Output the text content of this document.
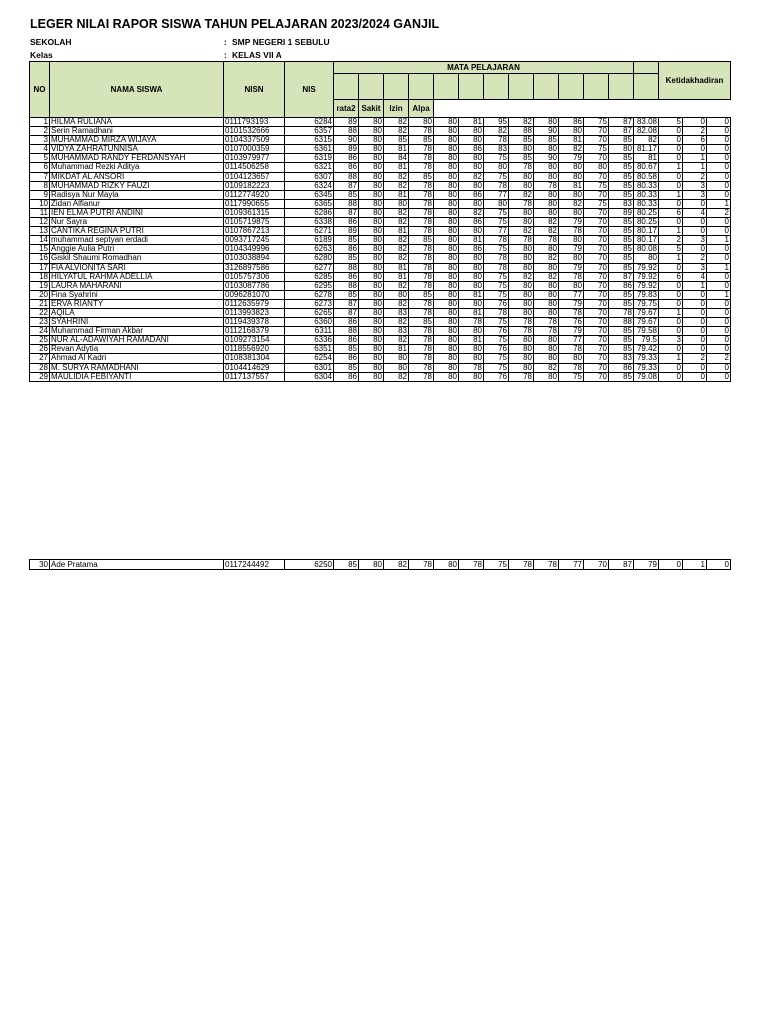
LEGER NILAI RAPOR SISWA TAHUN PELAJARAN 2023/2024 GANJIL
SEKOLAH	: SMP NEGERI 1 SEBULU
Kelas	: KELAS VII A
NO	NAMA SISWA	NISN	NIS	MATA PELAJARAN													Ketidakhadiran		

				rata2	Sakit	Izin	Alpa												
1	HILMA RULIANA	0111793193	6284	89	80	82	80	80	81	95	82	80	86	75	87	83.08	5	0	0
2	Serin Ramadhani	0101532666	6357	88	80	82	78	80	80	82	88	90	80	70	87	82.08	0	2	0
3	MUHAMMAD MIRZA WIJAYA	0104337509	6315	90	80	85	85	80	80	78	85	85	81	70	85	82	0	6	0
4	VIDYA ZAHRATUNNISA	0107000359	6361	89	80	81	78	80	86	83	80	80	82	75	80	81.17	0	0	0
5	MUHAMMAD RANDY FERDANSYAH	0103979977	6319	86	80	84	78	80	80	75	85	90	79	70	85	81	0	1	0
6	Muhammad Rezki Aditya	0114506258	6321	86	80	81	78	80	80	80	78	80	80	80	85	80.67	1	1	0
7	MIKDAT AL ANSORI	0104123657	6307	88	80	82	85	80	82	75	80	80	80	70	85	80.58	0	2	0
8	MUHAMMAD RIZKY FAUZI	0109182223	6324	87	80	82	78	80	80	78	80	78	81	75	85	80.33	0	3	0
9	Radisya Nur Mayla	0112774920	6345	85	80	81	78	80	86	77	82	80	80	70	85	80.33	1	3	0
10	Zidan Alfianur	0117990655	6365	88	80	80	78	80	80	80	78	80	82	75	83	80.33	0	0	1
11	IEN ELMA PUTRI ANDINI	0109361315	6286	87	80	82	78	80	82	75	80	80	80	70	89	80.25	6	4	2
12	Nur Sayra	0105719875	6338	86	80	82	78	80	86	75	80	82	79	70	85	80.25	0	0	0
13	CANTIKA REGINA PUTRI	0107867213	6271	89	80	81	78	80	80	77	82	82	78	70	85	80.17	1	0	0
14	muhammad septyan erdadi	0093717245	6189	85	80	82	85	80	81	78	78	78	80	70	85	80.17	2	3	1
15	Anggie Aulia Putri	0104349996	6263	86	80	82	78	80	86	75	80	80	79	70	85	80.08	5	0	0
16	Giskil Shaumi Romadhan	0103038894	6280	85	80	82	78	80	80	78	80	82	80	70	85	80	1	2	0
17	FIA ALVIONITA SARI	3126897586	6277	88	80	81	78	80	80	78	80	80	79	70	85	79.92	0	3	1
18	HILYATUL RAHMA ADELLIA	0105757306	6285	86	80	81	78	80	80	75	82	82	78	70	87	79.92	6	4	0
19	LAURA MAHARANI	0103087786	6295	88	80	82	78	80	80	75	80	80	80	70	86	79.92	0	1	0
20	Fina Syahrini	0096281070	6278	85	80	80	85	80	81	75	80	80	77	70	85	79.83	0	0	1
21	ERVA RIANTY	0112635979	6273	87	80	82	78	80	80	76	80	80	79	70	85	79.75	0	0	0
22	AQILA	0113993823	6265	87	80	83	78	80	81	78	80	80	78	70	78	79.67	1	0	0
23	SYAHRINI	0119439378	6360	86	80	82	85	80	78	75	78	78	76	70	88	79.67	0	0	0
24	Muhammad Firman Akbar	0112168379	6311	88	80	83	78	80	80	76	78	78	79	70	85	79.58	0	0	0
25	NUR AL-ADAWIYAH RAMADANI	0109273154	6336	86	80	82	78	80	81	75	80	80	77	70	85	79.5	3	0	0
26	Revan Adytia	0118556920	6351	85	80	81	78	80	80	76	80	80	78	70	85	79.42	0	0	0
27	Ahmad Al Kadri	0108381304	6254	86	80	80	78	80	80	75	80	80	80	70	83	79.33	1	2	2
28	M. SURYA RAMADHANI	0104414629	6301	85	80	80	78	80	78	75	80	82	78	70	86	79.33	0	0	0
29	MAULIDIA FEBIYANTI	0117137557	6304	86	80	82	78	80	80	76	78	80	75	70	85	79.08	0	0	0
30	Ade Pratama	0117244492	6250	85	80	82	78	80	78	75	78	78	77	70	87	79	0	1	0
